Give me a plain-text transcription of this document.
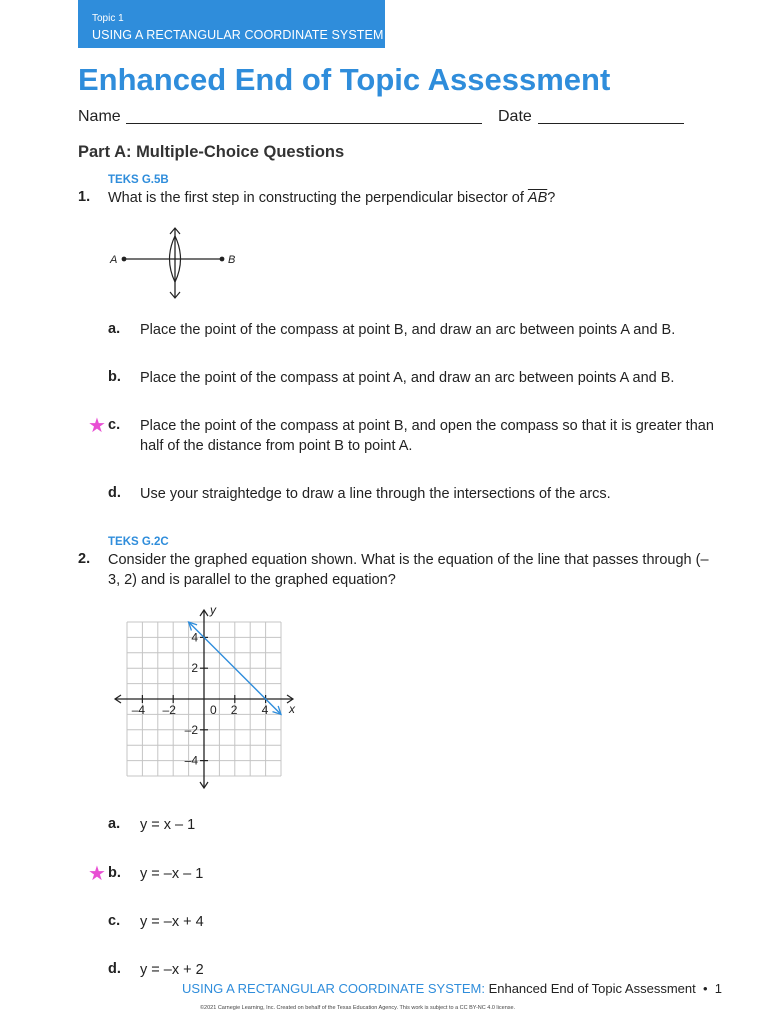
Topic 1
USING A RECTANGULAR COORDINATE SYSTEM
Enhanced End of Topic Assessment
Name	Date
Part A: Multiple-Choice Questions
TEKS G.5B
1. What is the first step in constructing the perpendicular bisector of $\overline{AB}$?
A	B
a. Place the point of the compass at point B, and draw an arc between points A and B.
b. Place the point of the compass at point A, and draw an arc between points A and B.
★ c. Place the point of the compass at point B, and open the compass so that it is greater than half of the distance from point B to point A.
d. Use your straightedge to draw a line through the intersections of the arcs.
TEKS G.2C
2. Consider the graphed equation shown. What is the equation of the line that passes through (–3, 2) and is parallel to the graphed equation?
–4 –2	0 2 4
4
2
–2
–4
x
y
a. y = x – 1
★ b. y = –x – 1
c. y = –x + 4
d. y = –x + 2
USING A RECTANGULAR COORDINATE SYSTEM: Enhanced End of Topic Assessment • 1
©2021 Carnegie Learning, Inc. Created on behalf of the Texas Education Agency. This work is subject to a CC BY-NC 4.0 license.
